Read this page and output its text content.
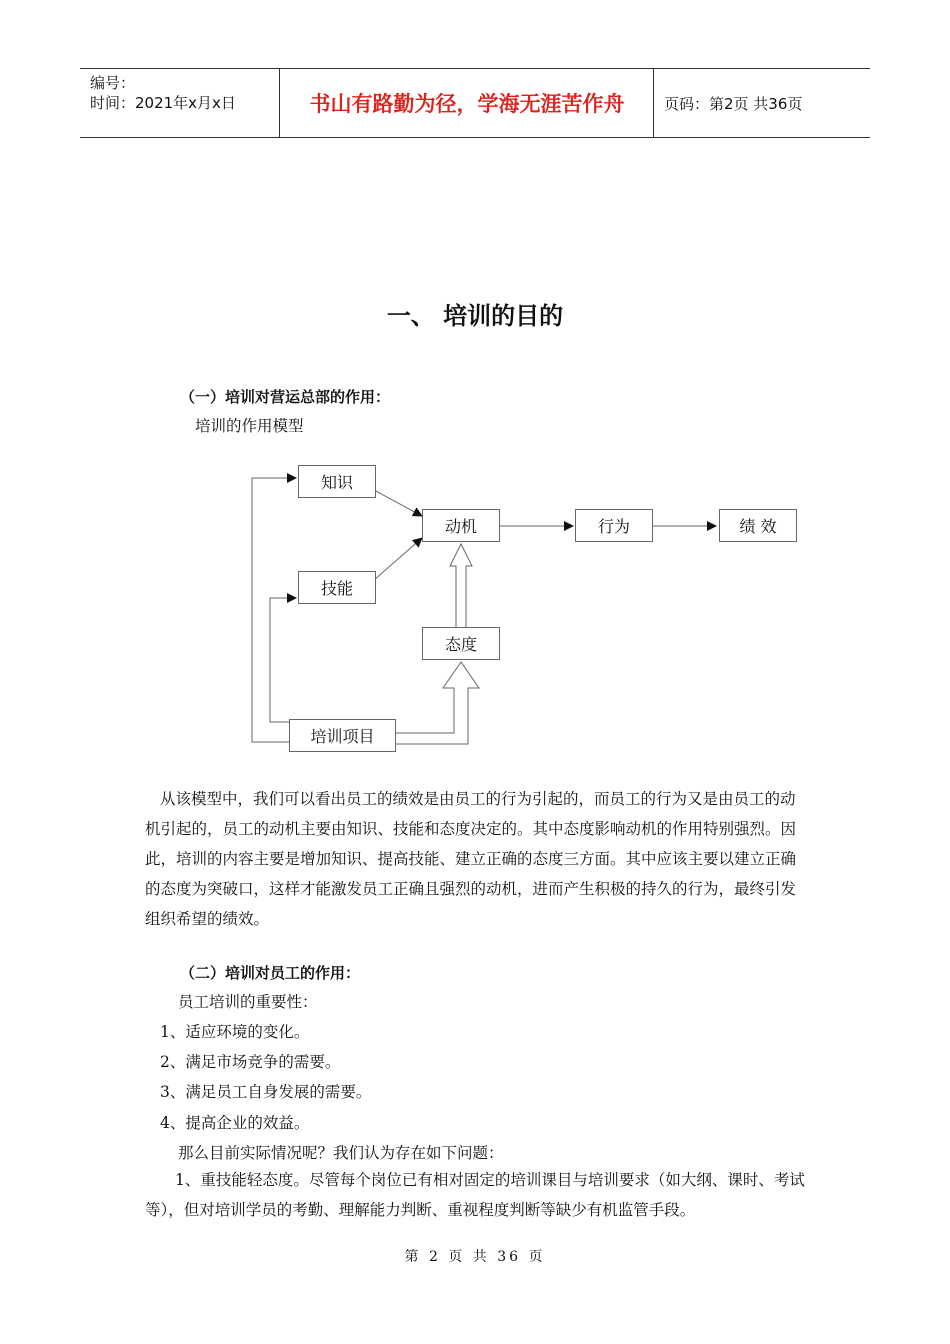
编号：
时间：2021年x月x日	书山有路勤为径，学海无涯苦作舟	页码：第2页 共36页
一、 培训的目的
（一）培训对营运总部的作用：
培训的作用模型
知识
技能
动机	行为	绩 效
态度
培训项目
从该模型中，我们可以看出员工的绩效是由员工的行为引起的，而员工的行为又是由员工的动机引起的，员工的动机主要由知识、技能和态度决定的。其中态度影响动机的作用特别强烈。因此，培训的内容主要是增加知识、提高技能、建立正确的态度三方面。其中应该主要以建立正确的态度为突破口，这样才能激发员工正确且强烈的动机，进而产生积极的持久的行为，最终引发组织希望的绩效。
（二）培训对员工的作用：
员工培训的重要性：
1、适应环境的变化。
2、满足市场竞争的需要。
3、满足员工自身发展的需要。
4、提高企业的效益。
那么目前实际情况呢？我们认为存在如下问题：
1、重技能轻态度。尽管每个岗位已有相对固定的培训课目与培训要求（如大纲、课时、考试等），但对培训学员的考勤、理解能力判断、重视程度判断等缺少有机监管手段。
第 2 页 共 36 页
